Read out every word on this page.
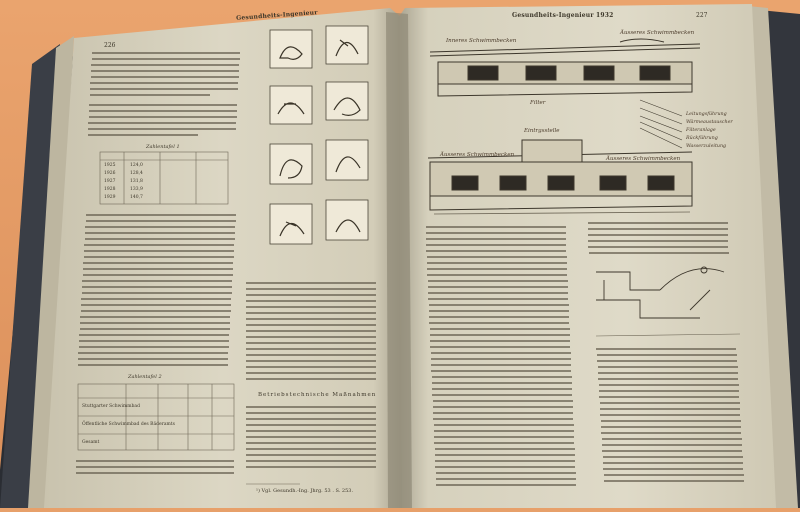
226
Gesundheits-Ingenieur
Zahlentafel 1
1925	124,0
1926	128,4
1927	131,8
1928	133,9
1929	140,7
Zahlentafel 2
Stuttgarter Schwimmbad
Öffentliche Schwimmbad des Bäderamts
Gesamt
Betriebstechnische Maßnahmen
¹) Vgl. Gesundh.-Ing. Jhrg. 53 . S. 253.
Gesundheits-Ingenieur 1932	227
Inneres Schwimmbecken
Äusseres Schwimmbecken
Filter
Äusseres Schwimmbecken
Äusseres Schwimmbecken
Eintrgsstelle
Leitungsführung
Wärmeaustauscher
Filteranlage
Rückführung
Wasserzuleitung
